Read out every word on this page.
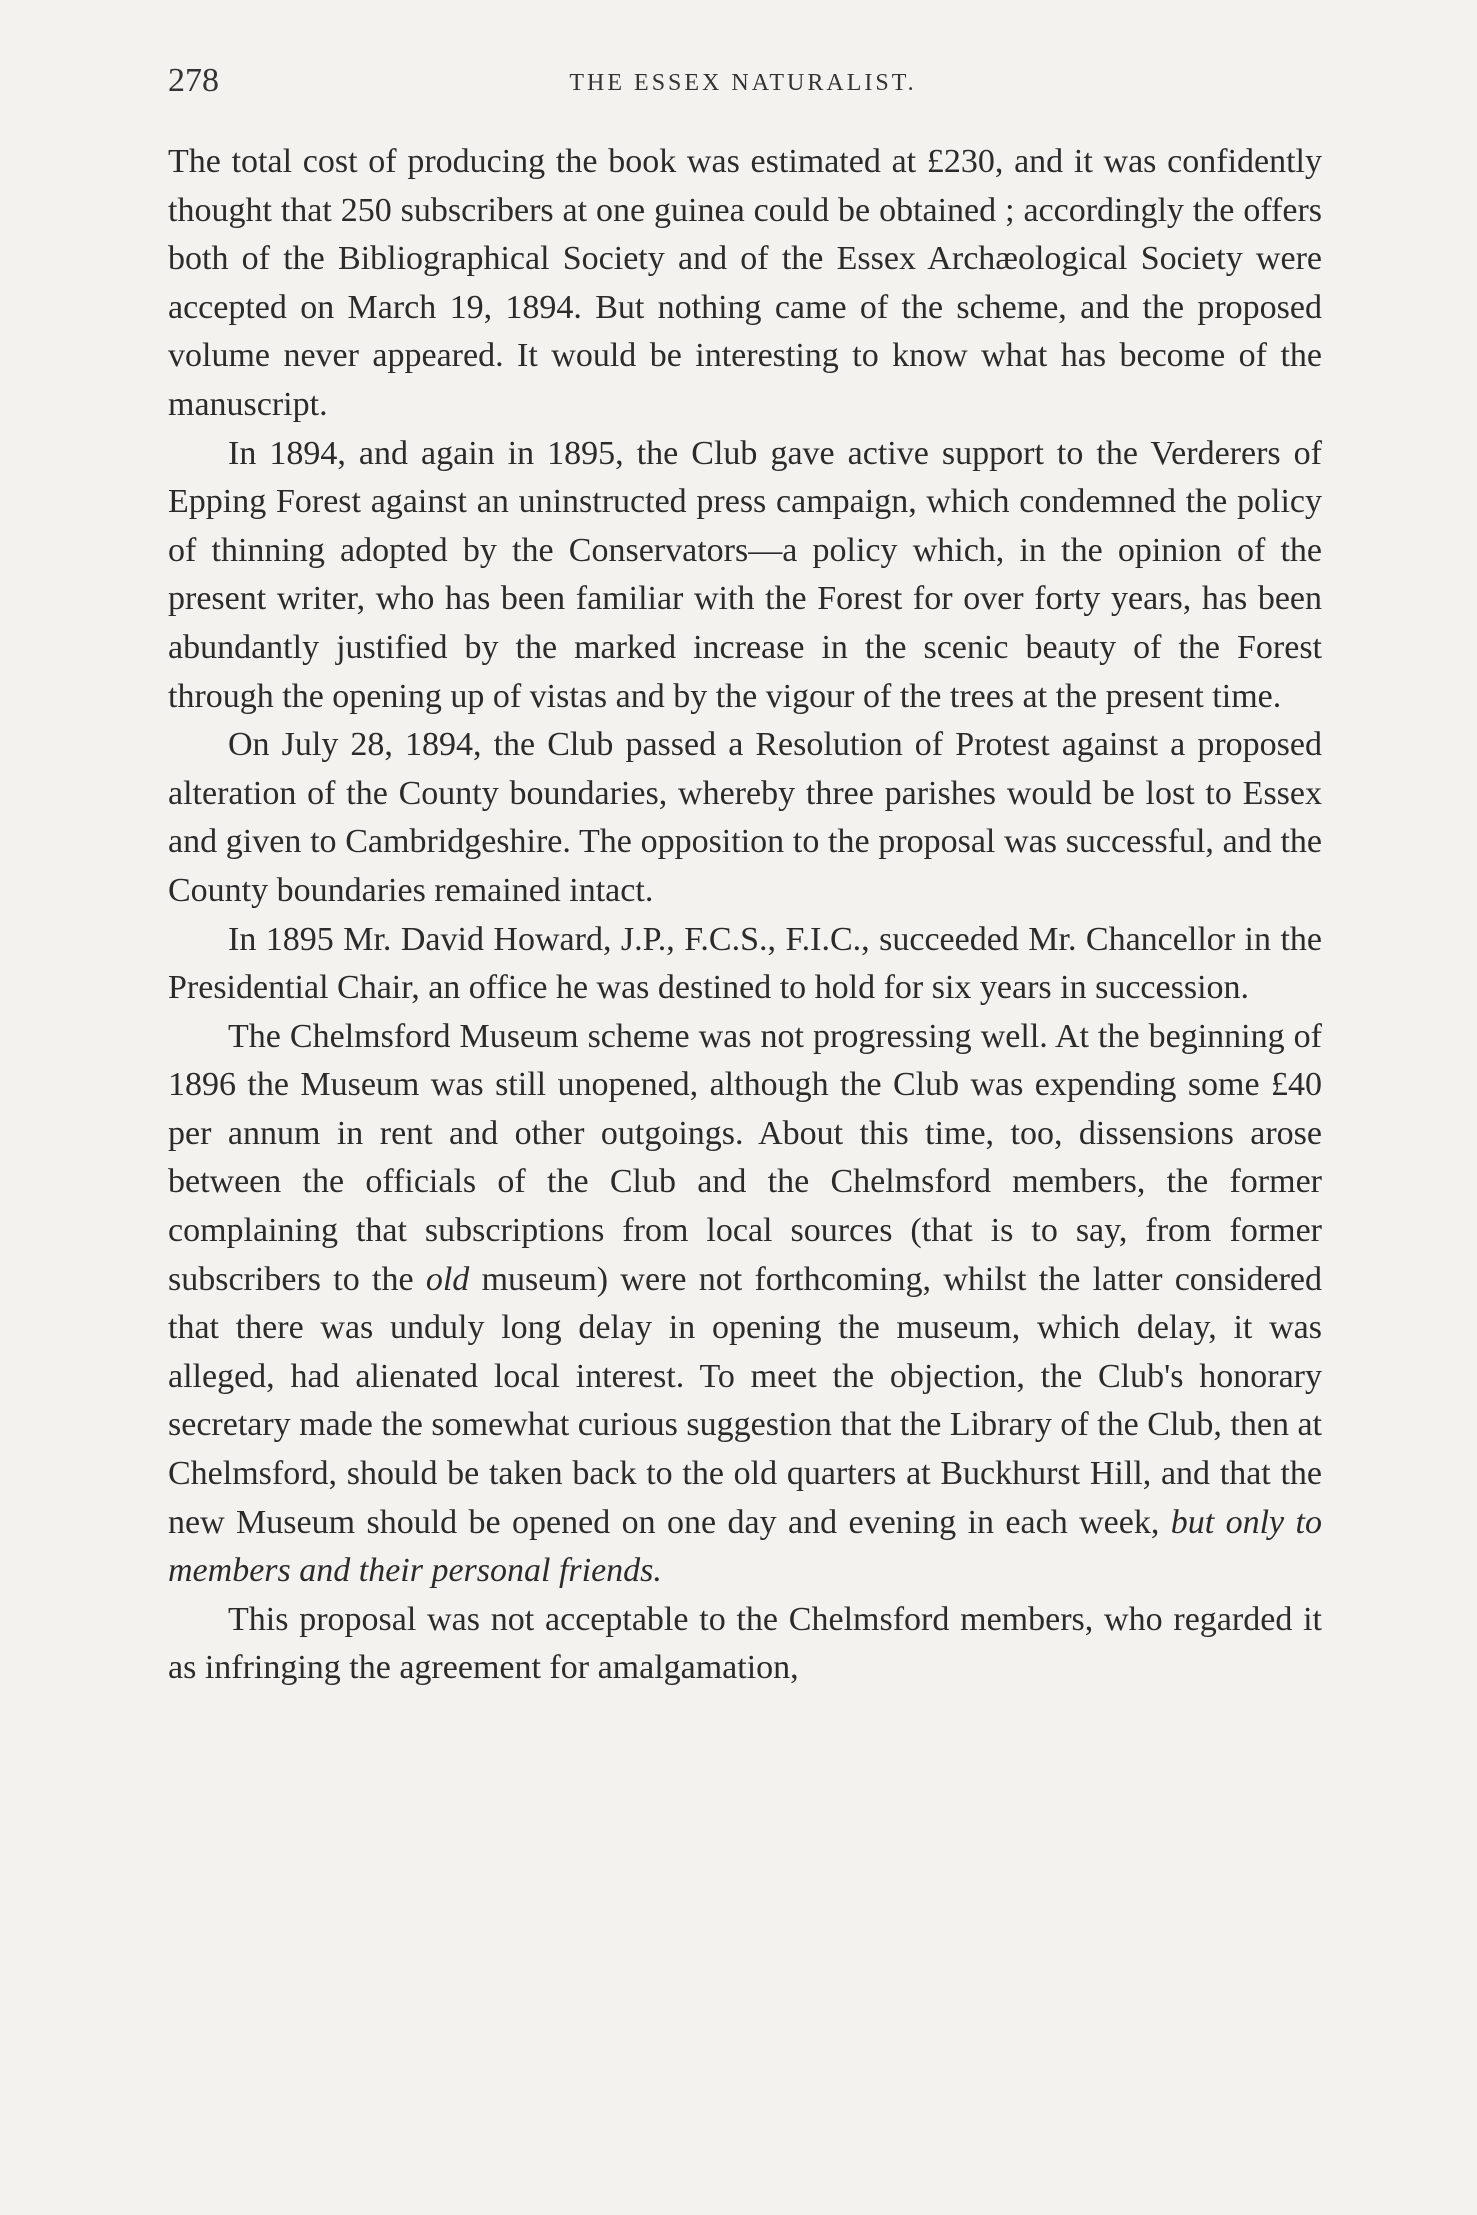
278	THE ESSEX NATURALIST.

The total cost of producing the book was estimated at £230, and it was confidently thought that 250 subscribers at one guinea could be obtained ; accordingly the offers both of the Bibliographical Society and of the Essex Archæological Society were accepted on March 19, 1894. But nothing came of the scheme, and the proposed volume never appeared. It would be interesting to know what has become of the manuscript.

In 1894, and again in 1895, the Club gave active support to the Verderers of Epping Forest against an uninstructed press campaign, which condemned the policy of thinning adopted by the Conservators—a policy which, in the opinion of the present writer, who has been familiar with the Forest for over forty years, has been abundantly justified by the marked increase in the scenic beauty of the Forest through the opening up of vistas and by the vigour of the trees at the present time.

On July 28, 1894, the Club passed a Resolution of Protest against a proposed alteration of the County boundaries, whereby three parishes would be lost to Essex and given to Cambridgeshire. The opposition to the proposal was successful, and the County boundaries remained intact.

In 1895 Mr. David Howard, J.P., F.C.S., F.I.C., succeeded Mr. Chancellor in the Presidential Chair, an office he was destined to hold for six years in succession.

The Chelmsford Museum scheme was not progressing well. At the beginning of 1896 the Museum was still unopened, although the Club was expending some £40 per annum in rent and other outgoings. About this time, too, dissensions arose between the officials of the Club and the Chelmsford members, the former complaining that subscriptions from local sources (that is to say, from former subscribers to the old museum) were not forthcoming, whilst the latter considered that there was unduly long delay in opening the museum, which delay, it was alleged, had alienated local interest. To meet the objection, the Club's honorary secretary made the somewhat curious suggestion that the Library of the Club, then at Chelmsford, should be taken back to the old quarters at Buckhurst Hill, and that the new Museum should be opened on one day and evening in each week, but only to members and their personal friends.

This proposal was not acceptable to the Chelmsford members, who regarded it as infringing the agreement for amalgamation,
